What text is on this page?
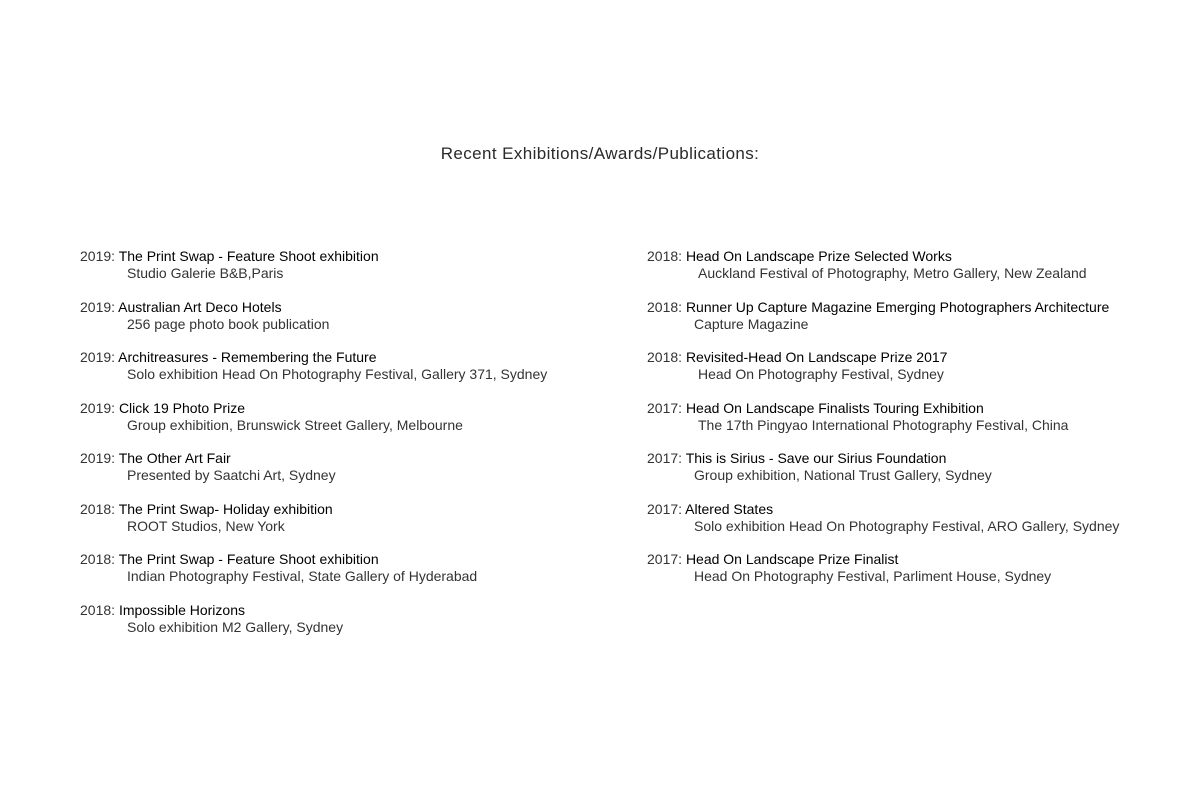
Recent Exhibitions/Awards/Publications:
2019: The Print Swap - Feature Shoot exhibition
Studio Galerie B&B,Paris
2019: Australian Art Deco Hotels
256 page photo book publication
2019: Architreasures - Remembering the Future
Solo exhibition Head On Photography Festival, Gallery 371, Sydney
2019: Click 19 Photo Prize
Group exhibition, Brunswick Street Gallery, Melbourne
2019: The Other Art Fair
Presented by Saatchi Art, Sydney
2018: The Print Swap- Holiday exhibition
ROOT Studios, New York
2018: The Print Swap - Feature Shoot exhibition
Indian Photography Festival, State Gallery of Hyderabad
2018: Impossible Horizons
Solo exhibition M2 Gallery, Sydney
2018: Head On Landscape Prize Selected Works
Auckland Festival of Photography, Metro Gallery, New Zealand
2018: Runner Up Capture Magazine Emerging Photographers Architecture
Capture Magazine
2018: Revisited-Head On Landscape Prize 2017
Head On Photography Festival, Sydney
2017: Head On Landscape Finalists Touring Exhibition
The 17th Pingyao International Photography Festival, China
2017: This is Sirius - Save our Sirius Foundation
Group exhibition, National Trust Gallery, Sydney
2017: Altered States
Solo exhibition Head On Photography Festival, ARO Gallery, Sydney
2017: Head On Landscape Prize Finalist
Head On Photography Festival, Parliment House, Sydney
